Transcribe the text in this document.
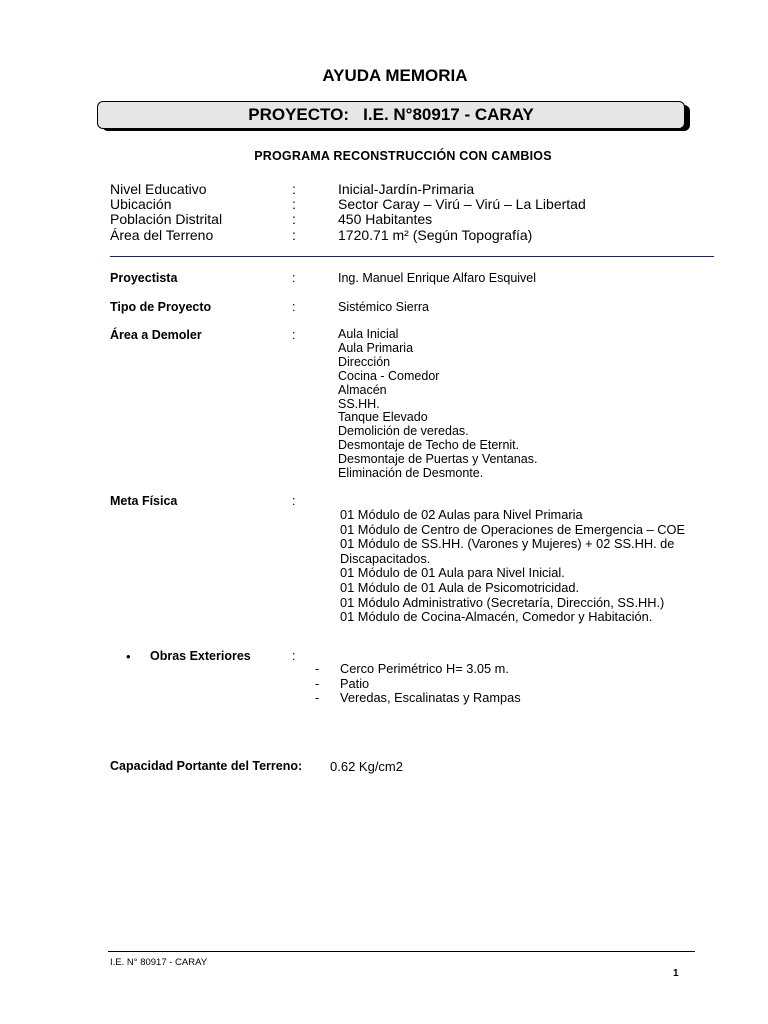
AYUDA MEMORIA
PROYECTO: I.E. N°80917 - CARAY
PROGRAMA RECONSTRUCCIÓN CON CAMBIOS
Nivel Educativo	:	Inicial-Jardín-Primaria
Ubicación	:	Sector Caray – Virú – Virú – La Libertad
Población Distrital	:	450 Habitantes
Área del Terreno	:	1720.71 m² (Según Topografía)
Proyectista	:	Ing. Manuel Enrique Alfaro Esquivel
Tipo de Proyecto	:	Sistémico Sierra
Área a Demoler	:	Aula Inicial
Aula Primaria
Dirección
Cocina - Comedor
Almacén
SS.HH.
Tanque Elevado
Demolición de veredas.
Desmontaje de Techo de Eternit.
Desmontaje de Puertas y Ventanas.
Eliminación de Desmonte.
Meta Física	:
01 Módulo de 02 Aulas para Nivel Primaria
01 Módulo de Centro de Operaciones de Emergencia – COE
01 Módulo de SS.HH. (Varones y Mujeres) + 02 SS.HH. de
Discapacitados.
01 Módulo de 01 Aula para Nivel Inicial.
01 Módulo de 01 Aula de Psicomotricidad.
01 Módulo Administrativo (Secretaría, Dirección, SS.HH.)
01 Módulo de Cocina-Almacén, Comedor y Habitación.
• Obras Exteriores	:
-
-
-
Cerco Perimétrico H= 3.05 m.
Patio
Veredas, Escalinatas y Rampas
Capacidad Portante del Terreno: 0.62 Kg/cm2
I.E. N° 80917 - CARAY
1
